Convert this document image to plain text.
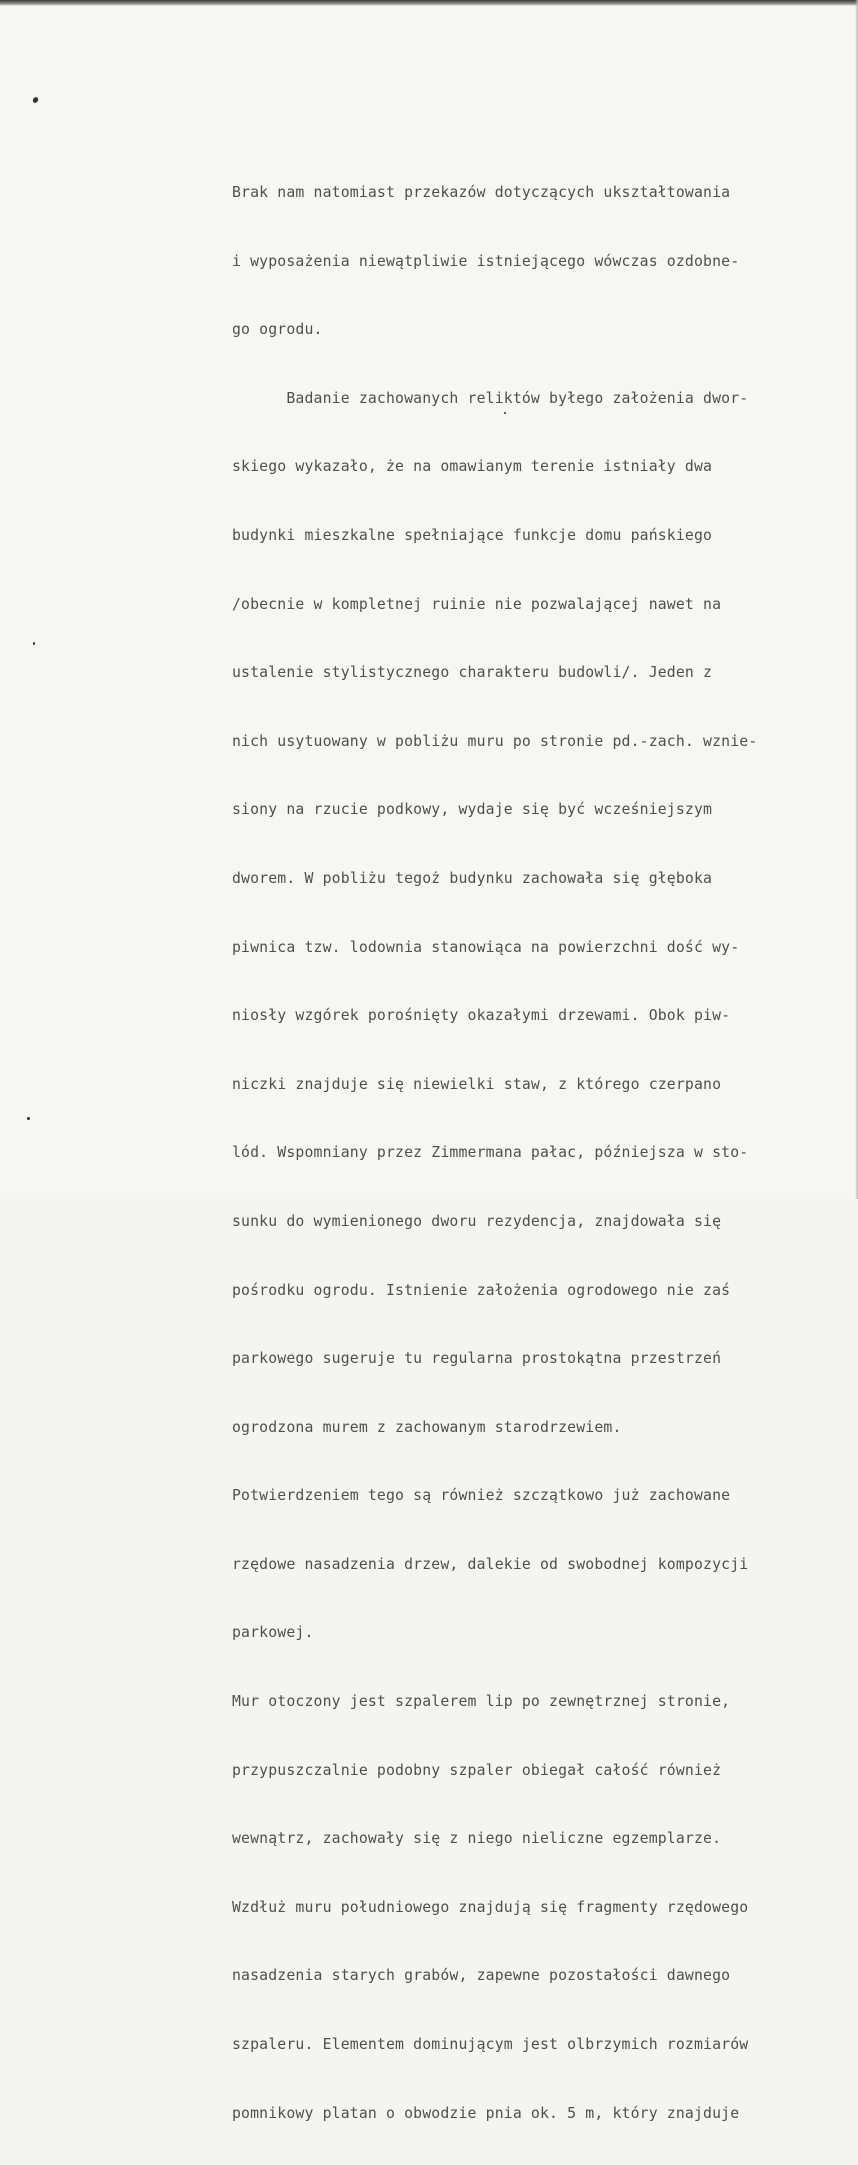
Brak nam natomiast przekazów dotyczących ukształtowania

i wyposażenia niewątpliwie istniejącego wówczas ozdobne-

go ogrodu.

Badanie zachowanych reliktów byłego założenia dwor-

skiego wykazało, że na omawianym terenie istniały dwa

budynki mieszkalne spełniające funkcje domu pańskiego

/obecnie w kompletnej ruinie nie pozwalającej nawet na

ustalenie stylistycznego charakteru budowli/. Jeden z

nich usytuowany w pobliżu muru po stronie pd.-zach. wznie-

siony na rzucie podkowy, wydaje się być wcześniejszym

dworem. W pobliżu tegoż budynku zachowała się głęboka

piwnica tzw. lodownia stanowiąca na powierzchni dość wy-

niosły wzgórek porośnięty okazałymi drzewami. Obok piw-

niczki znajduje się niewielki staw, z którego czerpano

lód. Wspomniany przez Zimmermana pałac, późniejsza w sto-

sunku do wymienionego dworu rezydencja, znajdowała się

pośrodku ogrodu. Istnienie założenia ogrodowego nie zaś

parkowego sugeruje tu regularna prostokątna przestrzeń

ogrodzona murem z zachowanym starodrzewiem.

Potwierdzeniem tego są również szczątkowo już zachowane

rzędowe nasadzenia drzew, dalekie od swobodnej kompozycji

parkowej.

Mur otoczony jest szpalerem lip po zewnętrznej stronie,

przypuszczalnie podobny szpaler obiegał całość również

wewnątrz, zachowały się z niego nieliczne egzemplarze.

Wzdłuż muru południowego znajdują się fragmenty rzędowego

nasadzenia starych grabów, zapewne pozostałości dawnego

szpaleru. Elementem dominującym jest olbrzymich rozmiarów

pomnikowy platan o obwodzie pnia ok. 5 m, który znajduje
